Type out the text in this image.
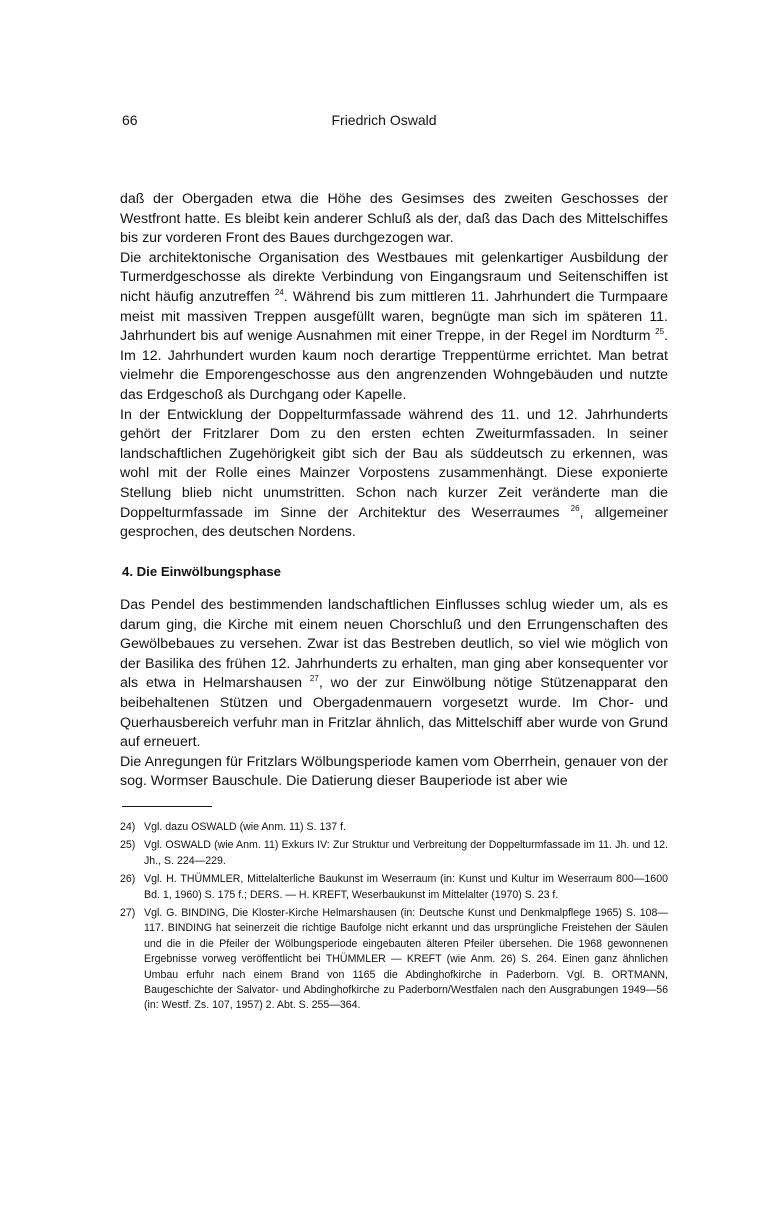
66	Friedrich Oswald

daß der Obergaden etwa die Höhe des Gesimses des zweiten Geschosses der Westfront hatte. Es bleibt kein anderer Schluß als der, daß das Dach des Mittelschiffes bis zur vorderen Front des Baues durchgezogen war.

Die architektonische Organisation des Westbaues mit gelenkartiger Ausbildung der Turmerdgeschosse als direkte Verbindung von Eingangsraum und Seitenschiffen ist nicht häufig anzutreffen $^{24}$. Während bis zum mittleren 11. Jahrhundert die Turmpaare meist mit massiven Treppen ausgefüllt waren, begnügte man sich im späteren 11. Jahrhundert bis auf wenige Ausnahmen mit einer Treppe, in der Regel im Nordturm $^{25}$. Im 12. Jahrhundert wurden kaum noch derartige Treppentürme errichtet. Man betrat vielmehr die Emporengeschosse aus den angrenzenden Wohngebäuden und nutzte das Erdgeschoß als Durchgang oder Kapelle.

In der Entwicklung der Doppelturmfassade während des 11. und 12. Jahrhunderts gehört der Fritzlarer Dom zu den ersten echten Zweiturmfassaden. In seiner landschaftlichen Zugehörigkeit gibt sich der Bau als süddeutsch zu erkennen, was wohl mit der Rolle eines Mainzer Vorpostens zusammenhängt. Diese exponierte Stellung blieb nicht unumstritten. Schon nach kurzer Zeit veränderte man die Doppelturmfassade im Sinne der Architektur des Weserraumes $^{26}$, allgemeiner gesprochen, des deutschen Nordens.

4. Die Einwölbungsphase

Das Pendel des bestimmenden landschaftlichen Einflusses schlug wieder um, als es darum ging, die Kirche mit einem neuen Chorschluß und den Errungenschaften des Gewölbebaues zu versehen. Zwar ist das Bestreben deutlich, so viel wie möglich von der Basilika des frühen 12. Jahrhunderts zu erhalten, man ging aber konsequenter vor als etwa in Helmarshausen $^{27}$, wo der zur Einwölbung nötige Stützenapparat den beibehaltenen Stützen und Obergadenmauern vorgesetzt wurde. Im Chor- und Querhausbereich verfuhr man in Fritzlar ähnlich, das Mittelschiff aber wurde von Grund auf erneuert.

Die Anregungen für Fritzlars Wölbungsperiode kamen vom Oberrhein, genauer von der sog. Wormser Bauschule. Die Datierung dieser Bauperiode ist aber wie

24) Vgl. dazu OSWALD (wie Anm. 11) S. 137 f.
25) Vgl. OSWALD (wie Anm. 11) Exkurs IV: Zur Struktur und Verbreitung der Doppelturmfassade im 11. Jh. und 12. Jh., S. 224—229.
26) Vgl. H. THÜMMLER, Mittelalterliche Baukunst im Weserraum (in: Kunst und Kultur im Weserraum 800—1600 Bd. 1, 1960) S. 175 f.; DERS. — H. KREFT, Weserbaukunst im Mittelalter (1970) S. 23 f.
27) Vgl. G. BINDING, Die Kloster-Kirche Helmarshausen (in: Deutsche Kunst und Denkmalpflege 1965) S. 108—117. BINDING hat seinerzeit die richtige Baufolge nicht erkannt und das ursprüngliche Freistehen der Säulen und die in die Pfeiler der Wölbungsperiode eingebauten älteren Pfeiler übersehen. Die 1968 gewonnenen Ergebnisse vorweg veröffentlicht bei THÜMMLER — KREFT (wie Anm. 26) S. 264. Einen ganz ähnlichen Umbau erfuhr nach einem Brand von 1165 die Abdinghofkirche in Paderborn. Vgl. B. ORTMANN, Baugeschichte der Salvator- und Abdinghofkirche zu Paderborn/Westfalen nach den Ausgrabungen 1949—56 (in: Westf. Zs. 107, 1957) 2. Abt. S. 255—364.
